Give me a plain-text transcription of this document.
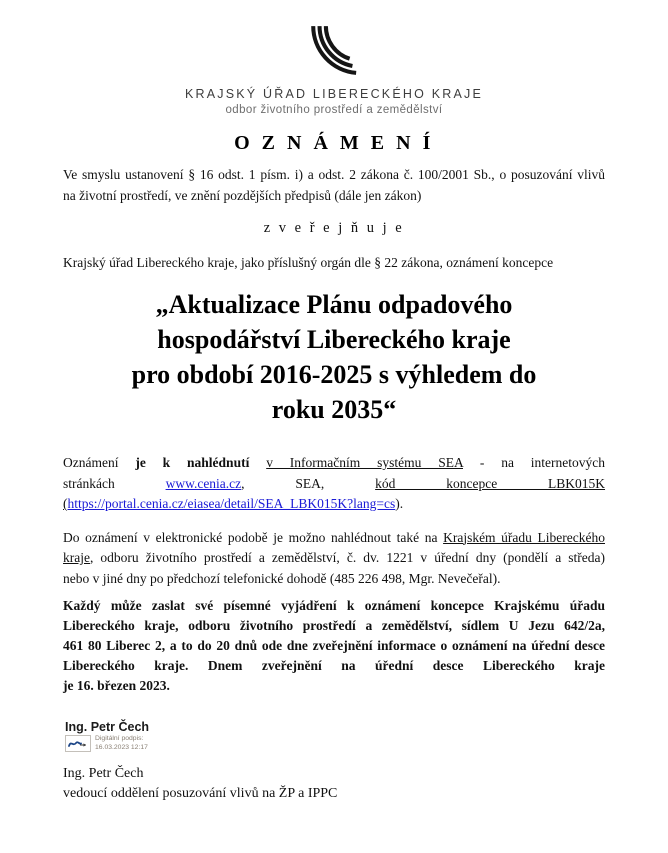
KRAJSKÝ ÚŘAD LIBERECKÉHO KRAJE
odbor životního prostředí a zemědělství
O Z N Á M E N Í
Ve smyslu ustanovení § 16 odst. 1 písm. i) a odst. 2 zákona č. 100/2001 Sb., o posuzování vlivů
na životní prostředí, ve znění pozdějších předpisů (dále jen zákon)
z v e ř e j ň u j e
Krajský úřad Libereckého kraje, jako příslušný orgán dle § 22 zákona, oznámení koncepce
„Aktualizace Plánu odpadového
hospodářství Libereckého kraje
pro období 2016-2025 s výhledem do
roku 2035“
Oznámení je k nahlédnutí v Informačním systému SEA - na internetových
stránkách	www.cenia.cz,	SEA,	kód koncepce LBK015K
(https://portal.cenia.cz/eiasea/detail/SEA_LBK015K?lang=cs).
Do oznámení v elektronické podobě je možno nahlédnout také na Krajském úřadu Libereckého
kraje, odboru životního prostředí a zemědělství, č. dv. 1221 v úřední dny (pondělí a středa)
nebo v jiné dny po předchozí telefonické dohodě (485 226 498, Mgr. Nevečeřal).
Každý může zaslat své písemné vyjádření k oznámení koncepce Krajskému úřadu
Libereckého kraje, odboru životního prostředí a zemědělství, sídlem U Jezu 642/2a,
461 80 Liberec 2, a to do 20 dnů ode dne zveřejnění informace o oznámení na úřední desce
Libereckého kraje. Dnem zveřejnění na úřední desce Libereckého kraje
je 16. březen 2023.
Ing. Petr Čech
Digitální podpis:
16.03.2023 12:17
Ing. Petr Čech
vedoucí oddělení posuzování vlivů na ŽP a IPPC
